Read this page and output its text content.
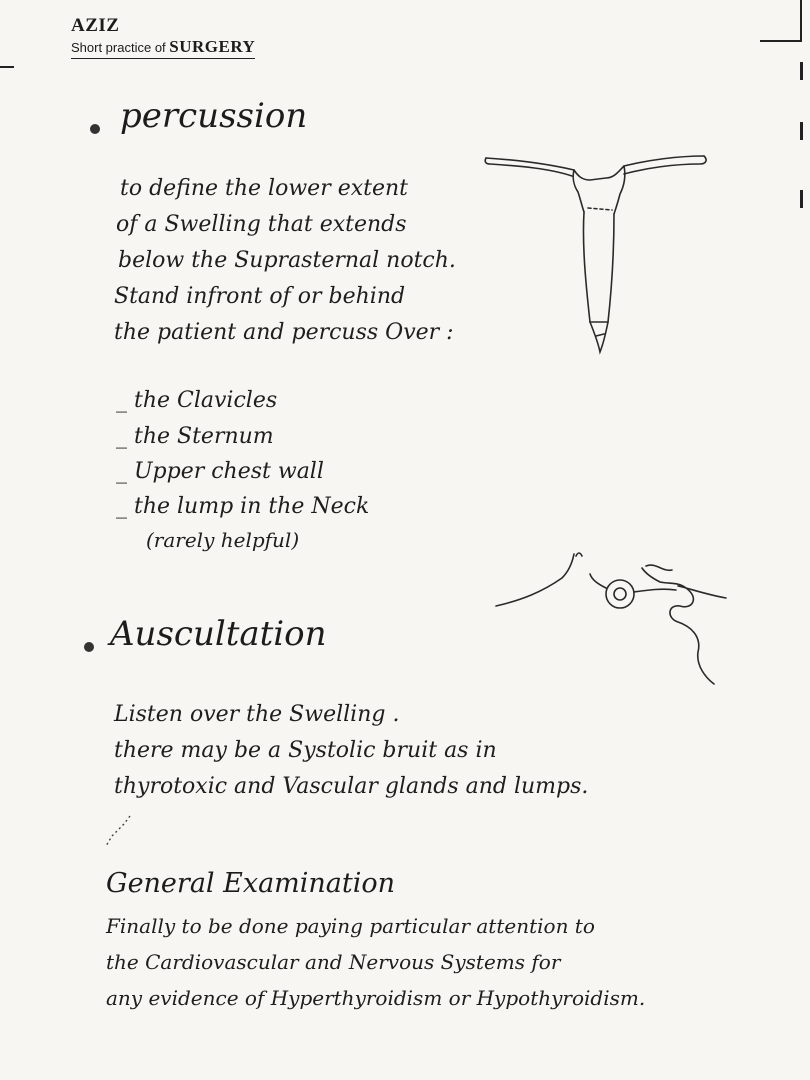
AZIZ
Short practice of SURGERY
percussion
to define the lower extent
of a Swelling that extends
below the Suprasternal notch.
Stand infront of or behind
the patient and percuss Over :
_ the Clavicles
_ the Sternum
_ Upper chest wall
_ the lump in the Neck
(rarely helpful)
Auscultation
Listen over the Swelling .
there may be a Systolic bruit as in
thyrotoxic and Vascular glands and lumps.
General Examination
Finally to be done paying particular attention to
the Cardiovascular and Nervous Systems for
any evidence of Hyperthyroidism or Hypothyroidism.
